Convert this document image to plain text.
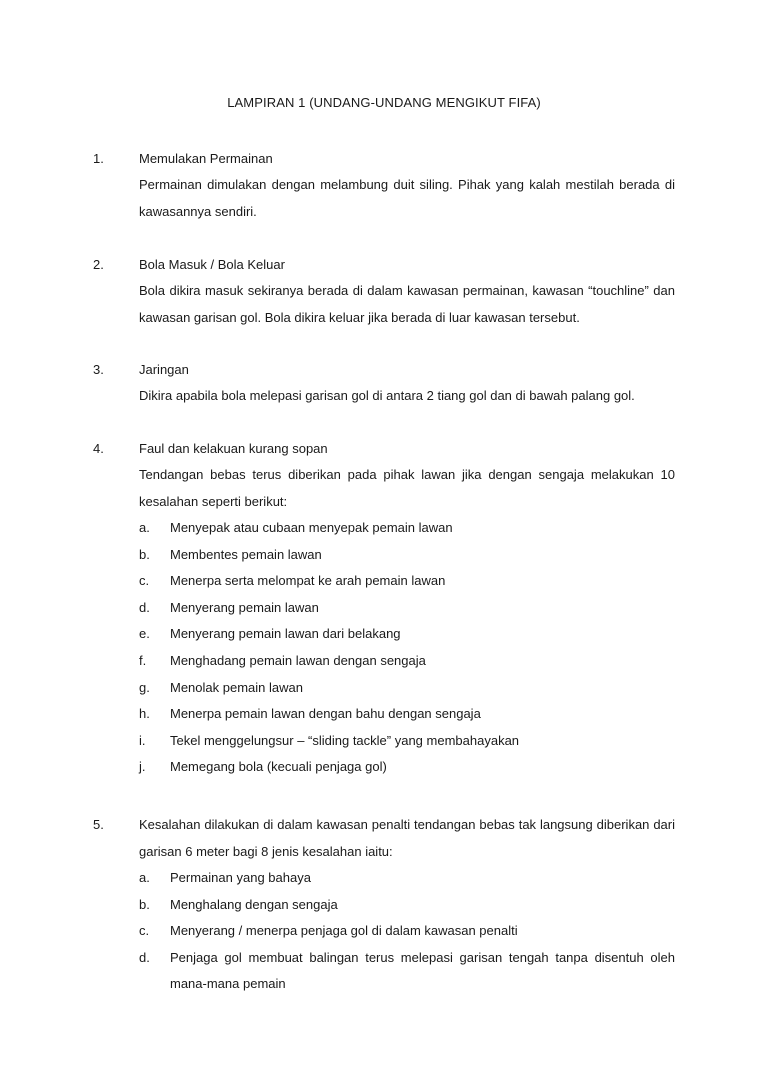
LAMPIRAN 1 (UNDANG-UNDANG MENGIKUT FIFA)
1.	Memulakan Permainan
Permainan dimulakan dengan melambung duit siling. Pihak yang kalah mestilah berada di kawasannya sendiri.
2.	Bola Masuk / Bola Keluar
Bola dikira masuk sekiranya berada di dalam kawasan permainan, kawasan “touchline” dan kawasan garisan gol. Bola dikira keluar jika berada di luar kawasan tersebut.
3.	Jaringan
Dikira apabila bola melepasi garisan gol di antara 2 tiang gol dan di bawah palang gol.
4.	Faul dan kelakuan kurang sopan
Tendangan bebas terus diberikan pada pihak lawan jika dengan sengaja melakukan 10 kesalahan seperti berikut:
a. Menyepak atau cubaan menyepak pemain lawan
b. Membentes pemain lawan
c. Menerpa serta melompat ke arah pemain lawan
d. Menyerang pemain lawan
e. Menyerang pemain lawan dari belakang
f. Menghadang pemain lawan dengan sengaja
g. Menolak pemain lawan
h. Menerpa pemain lawan dengan bahu dengan sengaja
i. Tekel menggelungsur – “sliding tackle” yang membahayakan
j. Memegang bola (kecuali penjaga gol)
5.	Kesalahan dilakukan di dalam kawasan penalti tendangan bebas tak langsung diberikan dari garisan 6 meter bagi 8 jenis kesalahan iaitu:
a. Permainan yang bahaya
b. Menghalang dengan sengaja
c. Menyerang / menerpa penjaga gol di dalam kawasan penalti
d. Penjaga gol membuat balingan terus melepasi garisan tengah tanpa disentuh oleh mana-mana pemain
